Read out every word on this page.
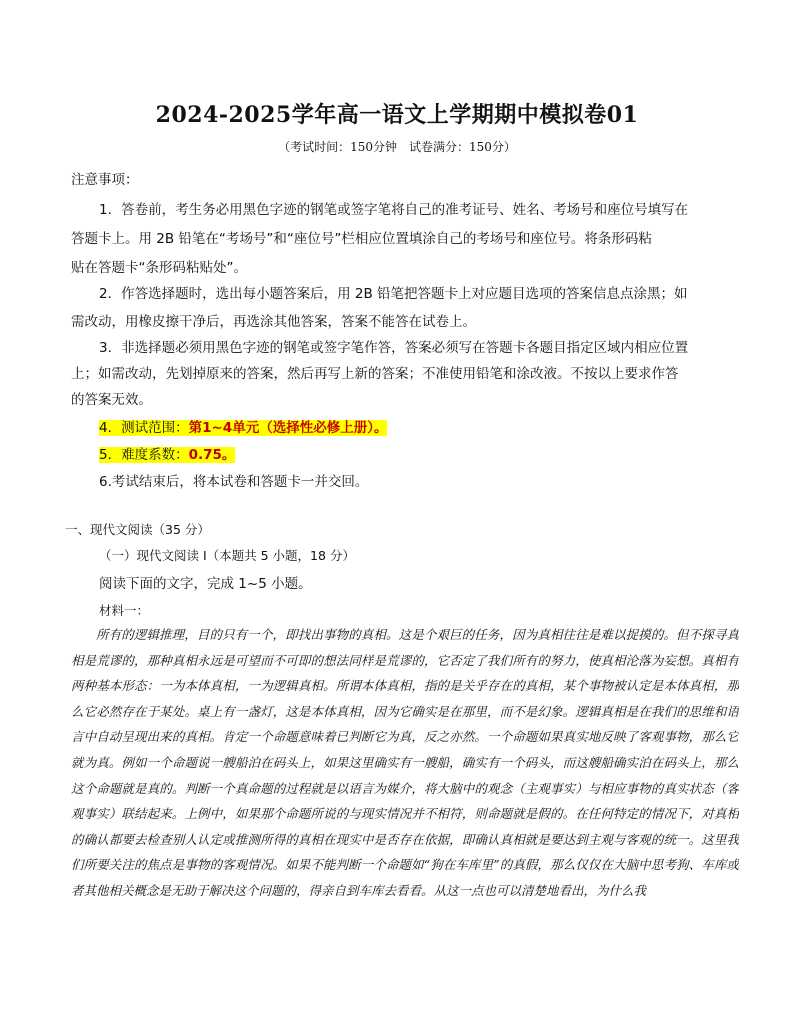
2024-2025学年高一语文上学期期中模拟卷01
（考试时间：150分钟　试卷满分：150分）
注意事项：
1．答卷前，考生务必用黑色字迹的钢笔或签字笔将自己的准考证号、姓名、考场号和座位号填写在
答题卡上。用 2B 铅笔在“考场号”和“座位号”栏相应位置填涂自己的考场号和座位号。将条形码粘
贴在答题卡“条形码粘贴处”。
2．作答选择题时，选出每小题答案后，用 2B 铅笔把答题卡上对应题目选项的答案信息点涂黑；如
需改动，用橡皮擦干净后，再选涂其他答案，答案不能答在试卷上。
3．非选择题必须用黑色字迹的钢笔或签字笔作答，答案必须写在答题卡各题目指定区域内相应位置
上；如需改动，先划掉原来的答案，然后再写上新的答案；不准使用铅笔和涂改液。不按以上要求作答
的答案无效。
4．测试范围：第1~4单元（选择性必修上册）。
5．难度系数：0.75。
6.考试结束后，将本试卷和答题卡一并交回。
一、现代文阅读（35 分）
（一）现代文阅读 I（本题共 5 小题，18 分）
阅读下面的文字，完成 1~5 小题。
材料一：

所有的逻辑推理，目的只有一个，即找出事物的真相。这是个艰巨的任务，因为真相往往是难以捉摸的。但不探寻真相是荒谬的，那种真相永远是可望而不可即的想法同样是荒谬的，它否定了我们所有的努力，使真相沦落为妄想。真相有两种基本形态：一为本体真相，一为逻辑真相。所谓本体真相，指的是关乎存在的真相，某个事物被认定是本体真相，那么它必然存在于某处。桌上有一盏灯，这是本体真相，因为它确实是在那里，而不是幻象。逻辑真相是在我们的思维和语言中自动呈现出来的真相。肯定一个命题意味着已判断它为真，反之亦然。一个命题如果真实地反映了客观事物，那么它就为真。例如一个命题说一艘船泊在码头上，如果这里确实有一艘船，确实有一个码头，而这艘船确实泊在码头上，那么这个命题就是真的。判断一个真命题的过程就是以语言为媒介，将大脑中的观念（主观事实）与相应事物的真实状态（客观事实）联结起来。上例中，如果那个命题所说的与现实情况并不相符，则命题就是假的。在任何特定的情况下，对真相的确认都要去检查别人认定或推测所得的真相在现实中是否存在依据，即确认真相就是要达到主观与客观的统一。这里我们所要关注的焦点是事物的客观情况。如果不能判断一个命题如“狗在车库里”的真假，那么仅仅在大脑中思考狗、车库或者其他相关概念是无助于解决这个问题的，得亲自到车库去看看。从这一点也可以清楚地看出，为什么我
